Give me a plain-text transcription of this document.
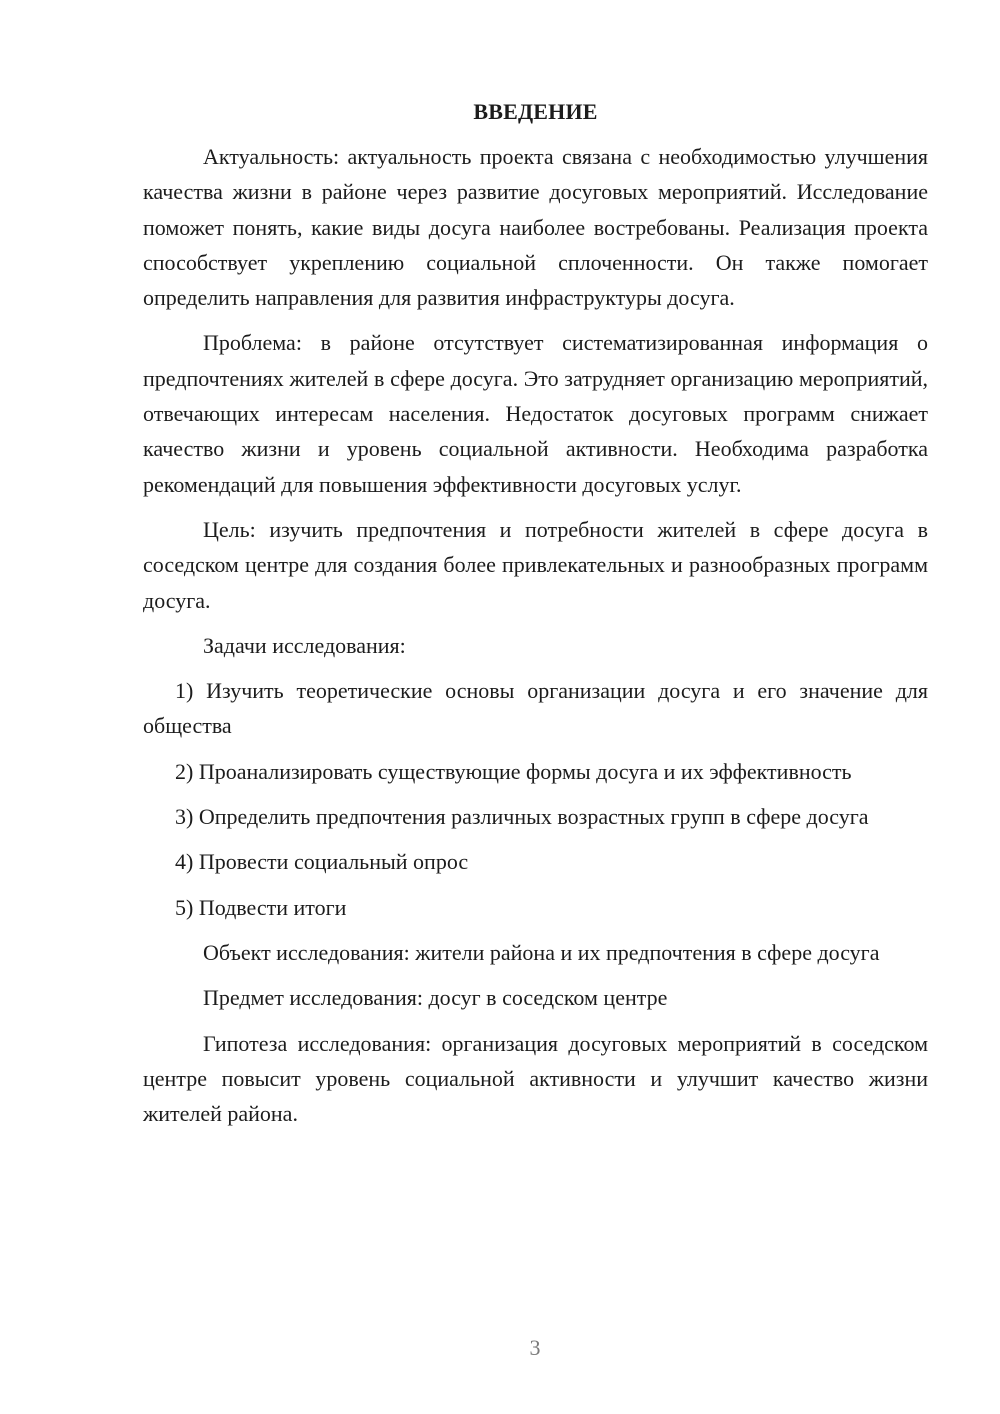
ВВЕДЕНИЕ

Актуальность: актуальность проекта связана с необходимостью улучшения качества жизни в районе через развитие досуговых мероприятий. Исследование поможет понять, какие виды досуга наиболее востребованы. Реализация проекта способствует укреплению социальной сплоченности. Он также помогает определить направления для развития инфраструктуры досуга.

Проблема: в районе отсутствует систематизированная информация о предпочтениях жителей в сфере досуга. Это затрудняет организацию мероприятий, отвечающих интересам населения. Недостаток досуговых программ снижает качество жизни и уровень социальной активности. Необходима разработка рекомендаций для повышения эффективности досуговых услуг.

Цель: изучить предпочтения и потребности жителей в сфере досуга в соседском центре для создания более привлекательных и разнообразных программ досуга.

Задачи исследования:

1) Изучить теоретические основы организации досуга и его значение для общества

2) Проанализировать существующие формы досуга и их эффективность

3) Определить предпочтения различных возрастных групп в сфере досуга

4) Провести социальный опрос

5) Подвести итоги

Объект исследования: жители района и их предпочтения в сфере досуга

Предмет исследования: досуг в соседском центре

Гипотеза исследования: организация досуговых мероприятий в соседском центре повысит уровень социальной активности и улучшит качество жизни жителей района.

3
